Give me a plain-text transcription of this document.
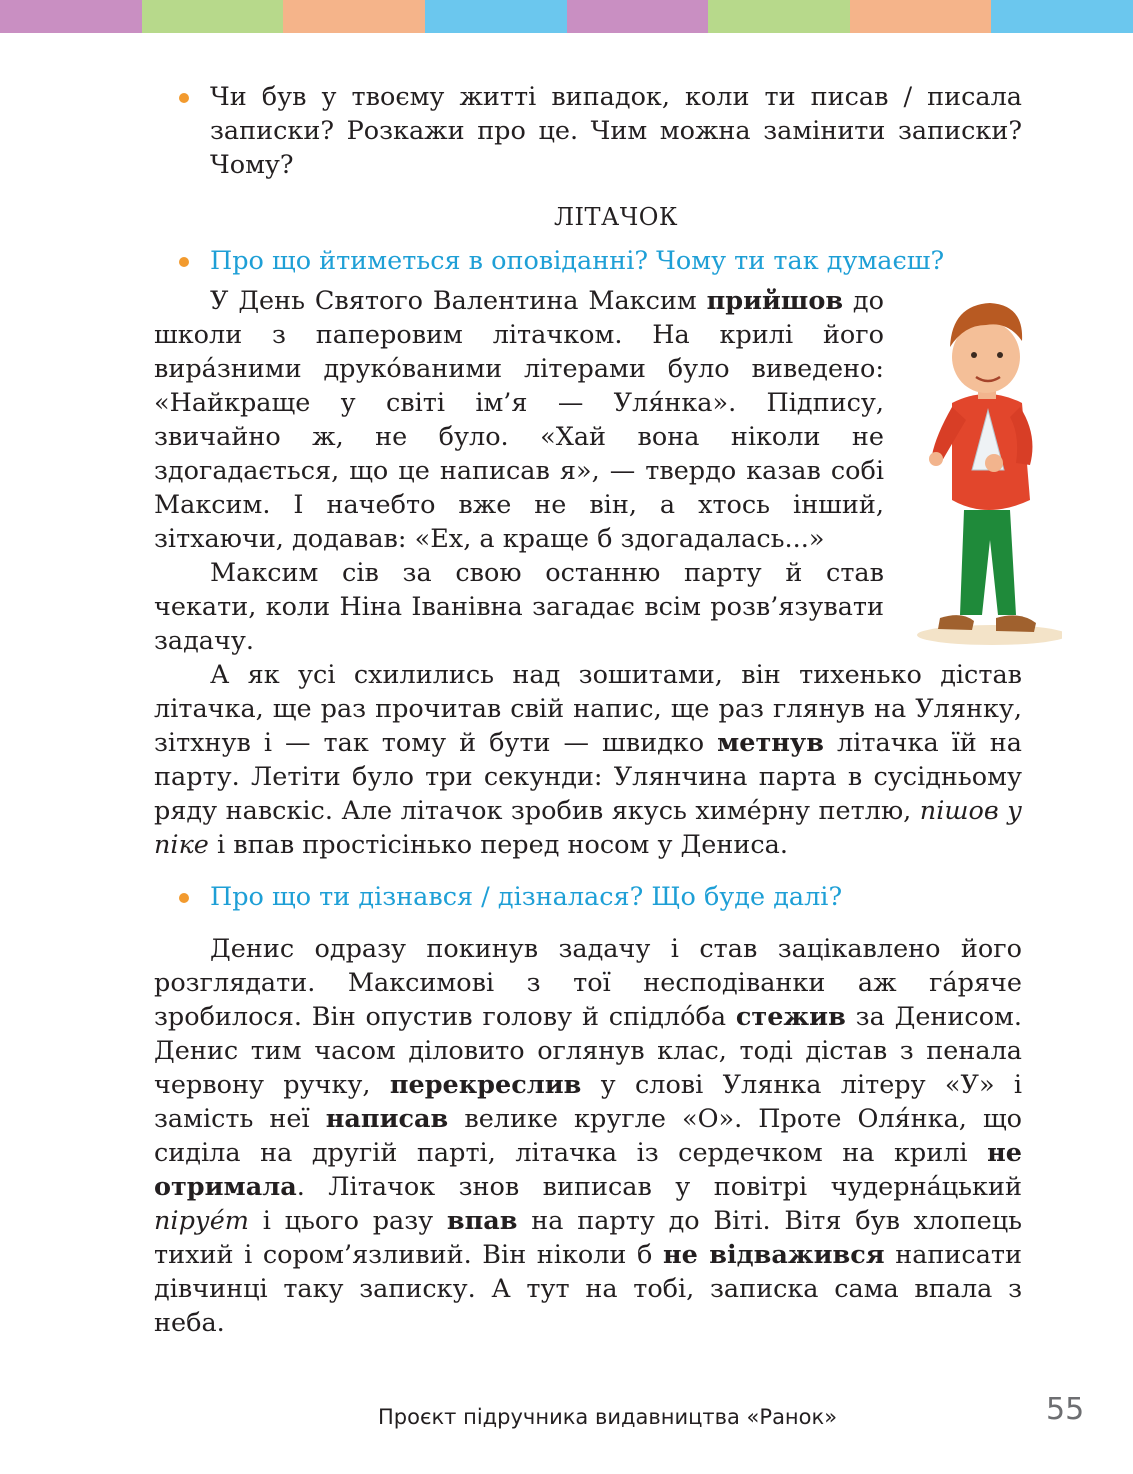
Чи був у твоєму житті випадок, коли ти писав / писала записки? Розкажи про це. Чим можна замінити записки? Чому?

ЛІТАЧОК

Про що йтиметься в оповіданні? Чому ти так думаєш?

У День Святого Валентина Максим прийшов до школи з паперовим літачком. На крилі його вира́зними друко́ваними літерами було виведено: «Найкраще у світі ім’я — Уля́нка». Підпису, звичайно ж, не було. «Хай вона ніколи не здогадається, що це написав я», — твердо казав собі Максим. І начебто вже не він, а хтось інший, зітхаючи, додавав: «Ех, а краще б здогадалась...»

Максим сів за свою останню парту й став чекати, коли Ніна Іванівна загадає всім розв’язувати задачу.

А як усі схилились над зошитами, він тихенько дістав літачка, ще раз прочитав свій напис, ще раз глянув на Улянку, зітхнув і — так тому й бути — швидко метнув літачка їй на парту. Летіти було три секунди: Улянчина парта в сусідньому ряду навскіс. Але літачок зробив якусь химе́рну петлю, пішов у піке і впав простісінько перед носом у Дениса.

Про що ти дізнався / дізналася? Що буде далі?

Денис одразу покинув задачу і став зацікавлено його розглядати. Максимові з тої несподіванки аж га́ряче зробилося. Він опустив голову й спідло́ба стежив за Денисом. Денис тим часом діловито оглянув клас, тоді дістав з пенала червону ручку, перекреслив у слові Улянка літеру «У» і замість неї написав велике кругле «О». Проте Оля́нка, що сиділа на другій парті, літачка із сердечком на крилі не отримала. Літачок знов виписав у повітрі чудерна́цький піруе́т і цього разу впав на парту до Віті. Вітя був хлопець тихий і сором’язливий. Він ніколи б не відважився написати дівчинці таку записку. А тут на тобі, записка сама впала з неба.

Проєкт підручника видавництва «Ранок»	55
